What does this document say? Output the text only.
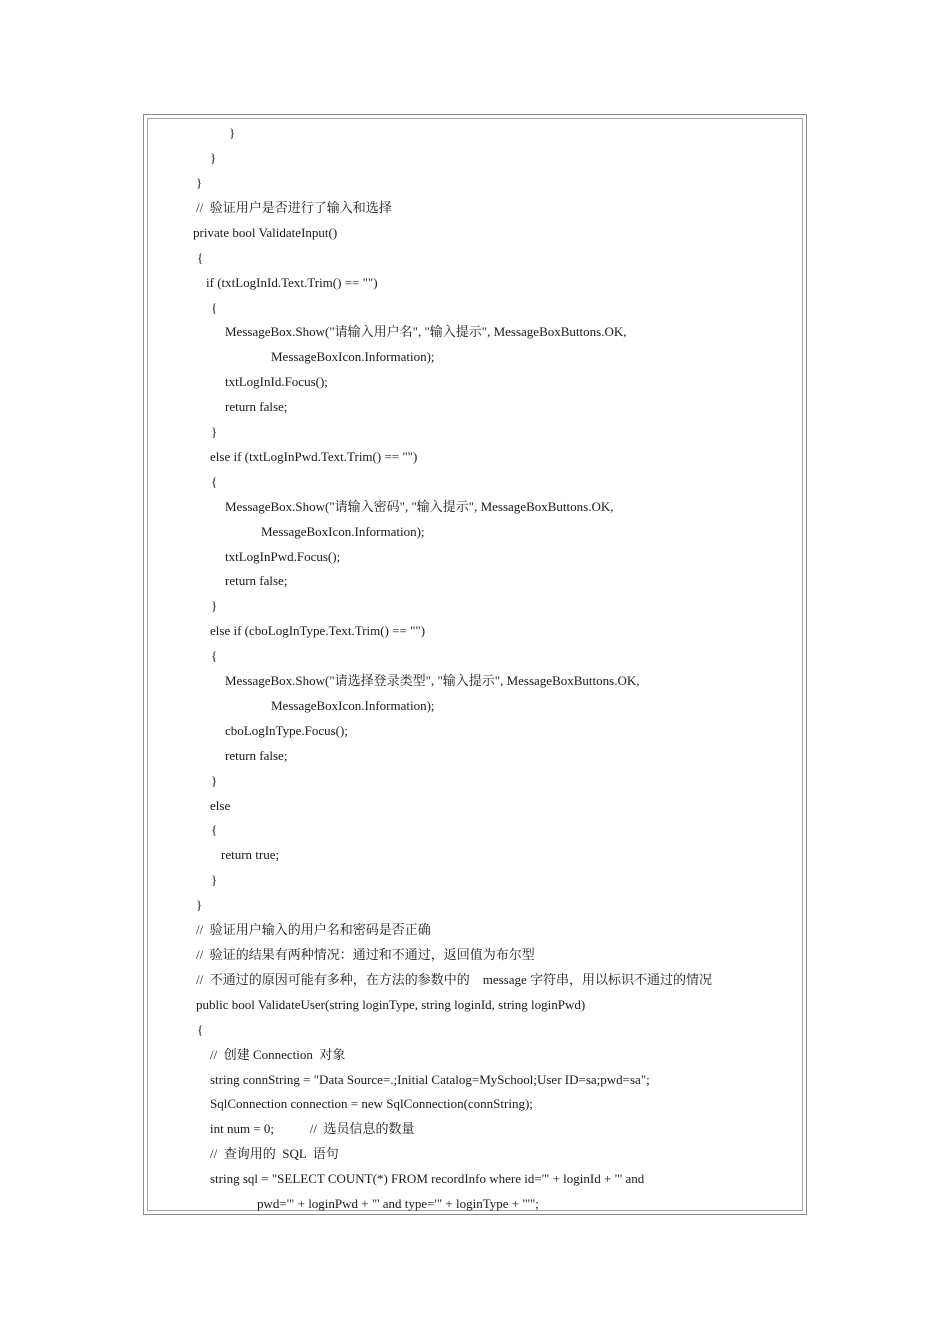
}
}
}
//  验证用户是否进行了输入和选择
private bool ValidateInput()
{
if (txtLogInId.Text.Trim() == "")
{
MessageBox.Show("请输入用户名", "输入提示", MessageBoxButtons.OK,
MessageBoxIcon.Information);
txtLogInId.Focus();
return false;
}
else if (txtLogInPwd.Text.Trim() == "")
{
MessageBox.Show("请输入密码", "输入提示", MessageBoxButtons.OK,
MessageBoxIcon.Information);
txtLogInPwd.Focus();
return false;
}
else if (cboLogInType.Text.Trim() == "")
{
MessageBox.Show("请选择登录类型", "输入提示", MessageBoxButtons.OK,
MessageBoxIcon.Information);
cboLogInType.Focus();
return false;
}
else
{
return true;
}
}
//  验证用户输入的用户名和密码是否正确
//  验证的结果有两种情况：通过和不通过，返回值为布尔型
//  不通过的原因可能有多种，在方法的参数中的    message 字符串，用以标识不通过的情况
public bool ValidateUser(string loginType, string loginId, string loginPwd)
{
//  创建 Connection  对象
string connString = "Data Source=.;Initial Catalog=MySchool;User ID=sa;pwd=sa";
SqlConnection connection = new SqlConnection(connString);
int num = 0;           //  选员信息的数量
//  查询用的  SQL  语句
string sql = "SELECT COUNT(*) FROM recordInfo where id='" + loginId + "' and
pwd='" + loginPwd + "' and type='" + loginType + "'";
